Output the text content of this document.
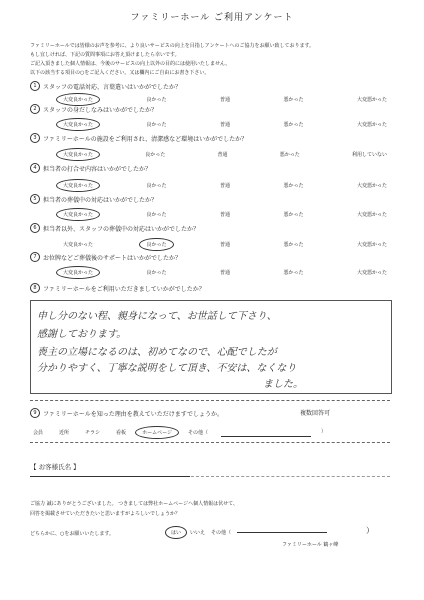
ファミリーホール ご利用アンケート
ファミリーホールでは皆様のお声を参考に、より良いサービスの向上を目指しアンケートへのご協力をお願い致しております。
もし宜しければ、下記の質問事項にお答え頂けましたら幸いです。
ご記入頂きました個人情報は、今後のサービスの向上以外の目的には使用いたしません。
以下の該当する項目の○をご記入ください。又は欄内にご自由にお書き下さい。
1	スタッフの電話対応、言葉遣いはいかがでしたか？
大変良かった	良かった	普通	悪かった	大変悪かった
2	スタッフの身だしなみはいかがでしたか？
大変良かった	良かった	普通	悪かった	大変悪かった
3	ファミリーホールの施設をご利用され、清潔感など環境はいかがでしたか？
大変良かった	良かった	普通	悪かった	利用していない
4	担当者の打合せ内容はいかがでしたか？
大変良かった	良かった	普通	悪かった	大変悪かった
5	担当者の葬儀中の対応はいかがでしたか？
大変良かった	良かった	普通	悪かった	大変悪かった
6	担当者以外、スタッフの葬儀中の対応はいかがでしたか？
大変良かった	良かった	普通	悪かった	大変悪かった
7	お位牌などご葬儀後のサポートはいかがでしたか？
大変良かった	良かった	普通	悪かった	大変悪かった
8	ファミリーホールをご利用いただきましていかがでしたか？
申し分のない程、親身になって、お世話して下さり、
感謝しております。
喪主の立場になるのは、初めてなので、心配でしたが
分かりやすく、丁寧な説明をして頂き、不安は、なくなり
ました。
9	ファミリーホールを知った理由を教えていただけますでしょうか。	複数回答可
会員	近所	チラシ	看板	ホームページ	その他（	）
【 お客様氏名 】
ご協力 誠にありがとうございました。 つきましては弊社ホームページへ個人情報は伏せて、
回答を掲載させていただきたいと思いますがよろしいでしょうか？
どちらかに、○をお願いいたします。	はい	いいえ その他（	）
ファミリーホール 鶴ヶ峰
